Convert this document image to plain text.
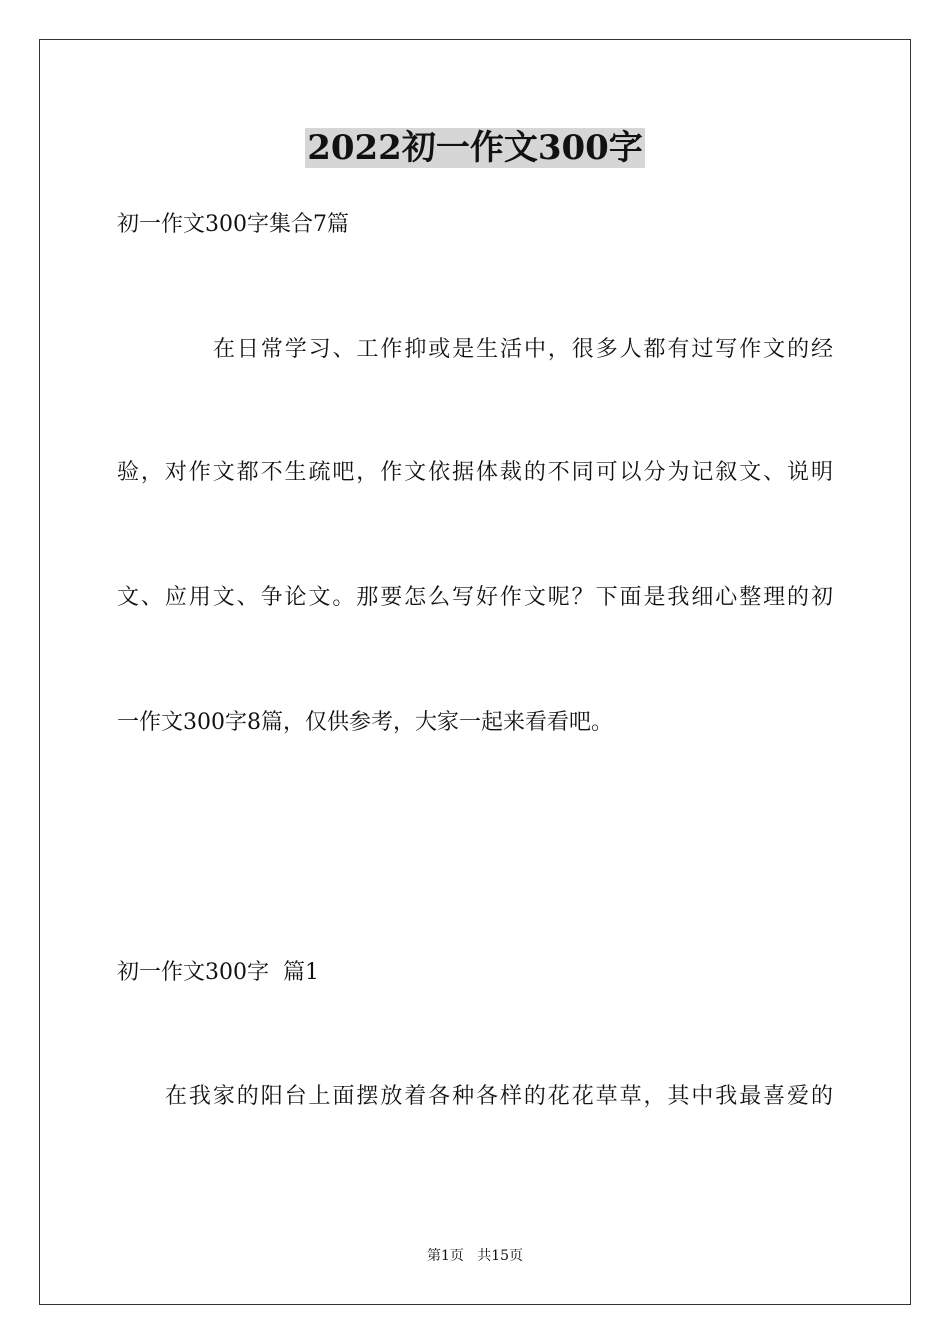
2022初一作文300字
初一作文300字集合7篇
在日常学习、工作抑或是生活中，很多人都有过写作文的经
验，对作文都不生疏吧，作文依据体裁的不同可以分为记叙文、说明
文、应用文、争论文。那要怎么写好作文呢？下面是我细心整理的初
一作文300字8篇，仅供参考，大家一起来看看吧。
初一作文300字  篇1
在我家的阳台上面摆放着各种各样的花花草草，其中我最喜爱的
第1页   共15页
